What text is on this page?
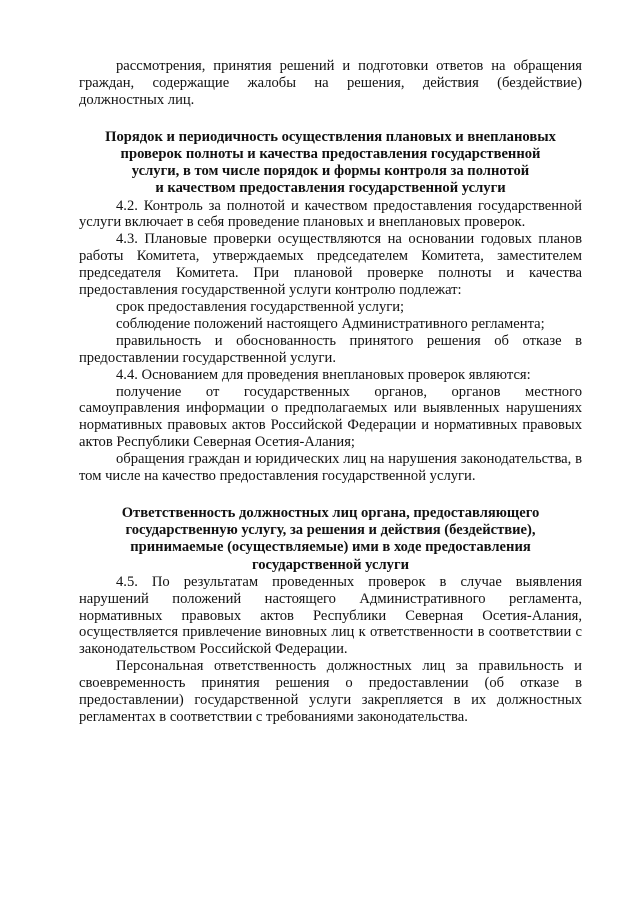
рассмотрения, принятия решений и подготовки ответов на обращения граждан, содержащие жалобы на решения, действия (бездействие) должностных лиц.

Порядок и периодичность осуществления плановых и внеплановых

проверок полноты и качества предоставления государственной

услуги, в том числе порядок и формы контроля за полнотой

и качеством предоставления государственной услуги

4.2. Контроль за полнотой и качеством предоставления государственной услуги включает в себя проведение плановых и внеплановых проверок.

4.3. Плановые проверки осуществляются на основании годовых планов работы Комитета, утверждаемых председателем Комитета, заместителем председателя Комитета. При плановой проверке полноты и качества предоставления государственной услуги контролю подлежат:

срок предоставления государственной услуги;

соблюдение положений настоящего Административного регламента;

правильность и обоснованность принятого решения об отказе в предоставлении государственной услуги.

4.4. Основанием для проведения внеплановых проверок являются:

получение от государственных органов, органов местного самоуправления информации о предполагаемых или выявленных нарушениях нормативных правовых актов Российской Федерации и нормативных правовых актов Республики Северная Осетия-Алания;

обращения граждан и юридических лиц на нарушения законодательства, в том числе на качество предоставления государственной услуги.

Ответственность должностных лиц органа, предоставляющего

государственную услугу, за решения и действия (бездействие),

принимаемые (осуществляемые) ими в ходе предоставления

государственной услуги

4.5. По результатам проведенных проверок в случае выявления нарушений положений настоящего Административного регламента, нормативных правовых актов Республики Северная Осетия-Алания, осуществляется привлечение виновных лиц к ответственности в соответствии с законодательством Российской Федерации.

Персональная ответственность должностных лиц за правильность и своевременность принятия решения о предоставлении (об отказе в предоставлении) государственной услуги закрепляется в их должностных регламентах в соответствии с требованиями законодательства.
